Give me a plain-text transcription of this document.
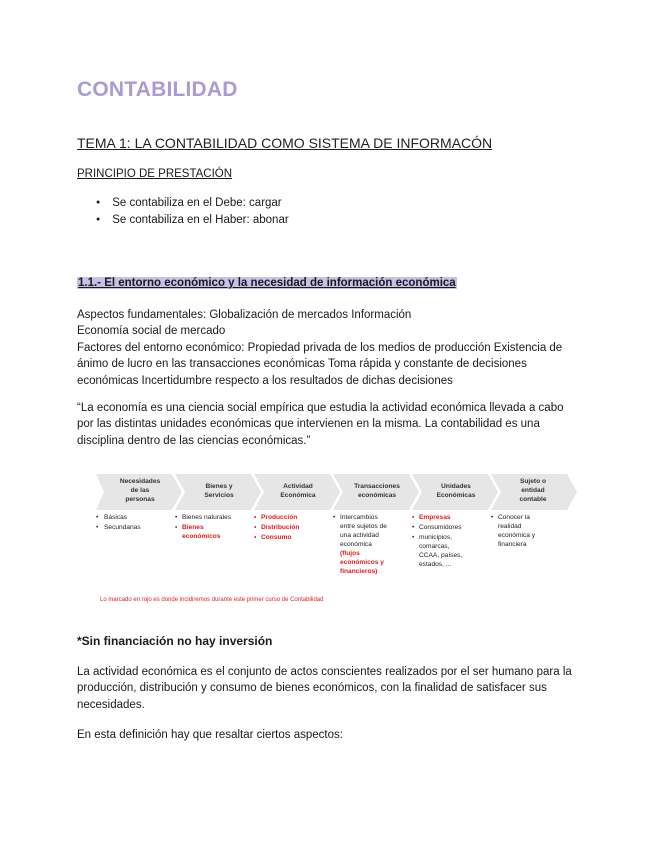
CONTABILIDAD
TEMA 1: LA CONTABILIDAD COMO SISTEMA DE INFORMACÓN
PRINCIPIO DE PRESTACIÓN
● Se contabiliza en el Debe: cargar
● Se contabiliza en el Haber: abonar
1.1.- El entorno económico y la necesidad de información económica
Aspectos fundamentales: Globalización de mercados Información
Economía social de mercado
Factores del entorno económico: Propiedad privada de los medios de producción Existencia de ánimo de lucro en las transacciones económicas Toma rápida y constante de decisiones económicas Incertidumbre respecto a los resultados de dichas decisiones
“La economía es una ciencia social empírica que estudia la actividad económica llevada a cabo por las distintas unidades económicas que intervienen en la misma. La contabilidad es una disciplina dentro de las ciencias económicas.”
Necesidades
de las
personas
Bienes y
Servicios
Actividad
Económica
Transacciones
económicas
Unidades
Económicas
Sujeto o
entidad
contable
• Básicas
• Secundarias
• Bienes naturales
• Bienes
económicos
• Producción
• Distribución
• Consumo
• Intercambios
entre sujetos de
una actividad
económica
(flujos
económicos y
financieros)
• Empresas
• Consumidores
• municipios,
comarcas,
CCAA, países,
estados, ...
• Conocer la
realidad
económica y
financiera
Lo marcado en rojo es donde incidiremos durante este primer curso de Contabilidad
*Sin financiación no hay inversión
La actividad económica es el conjunto de actos conscientes realizados por el ser humano para la producción, distribución y consumo de bienes económicos, con la finalidad de satisfacer sus necesidades.
En esta definición hay que resaltar ciertos aspectos:
